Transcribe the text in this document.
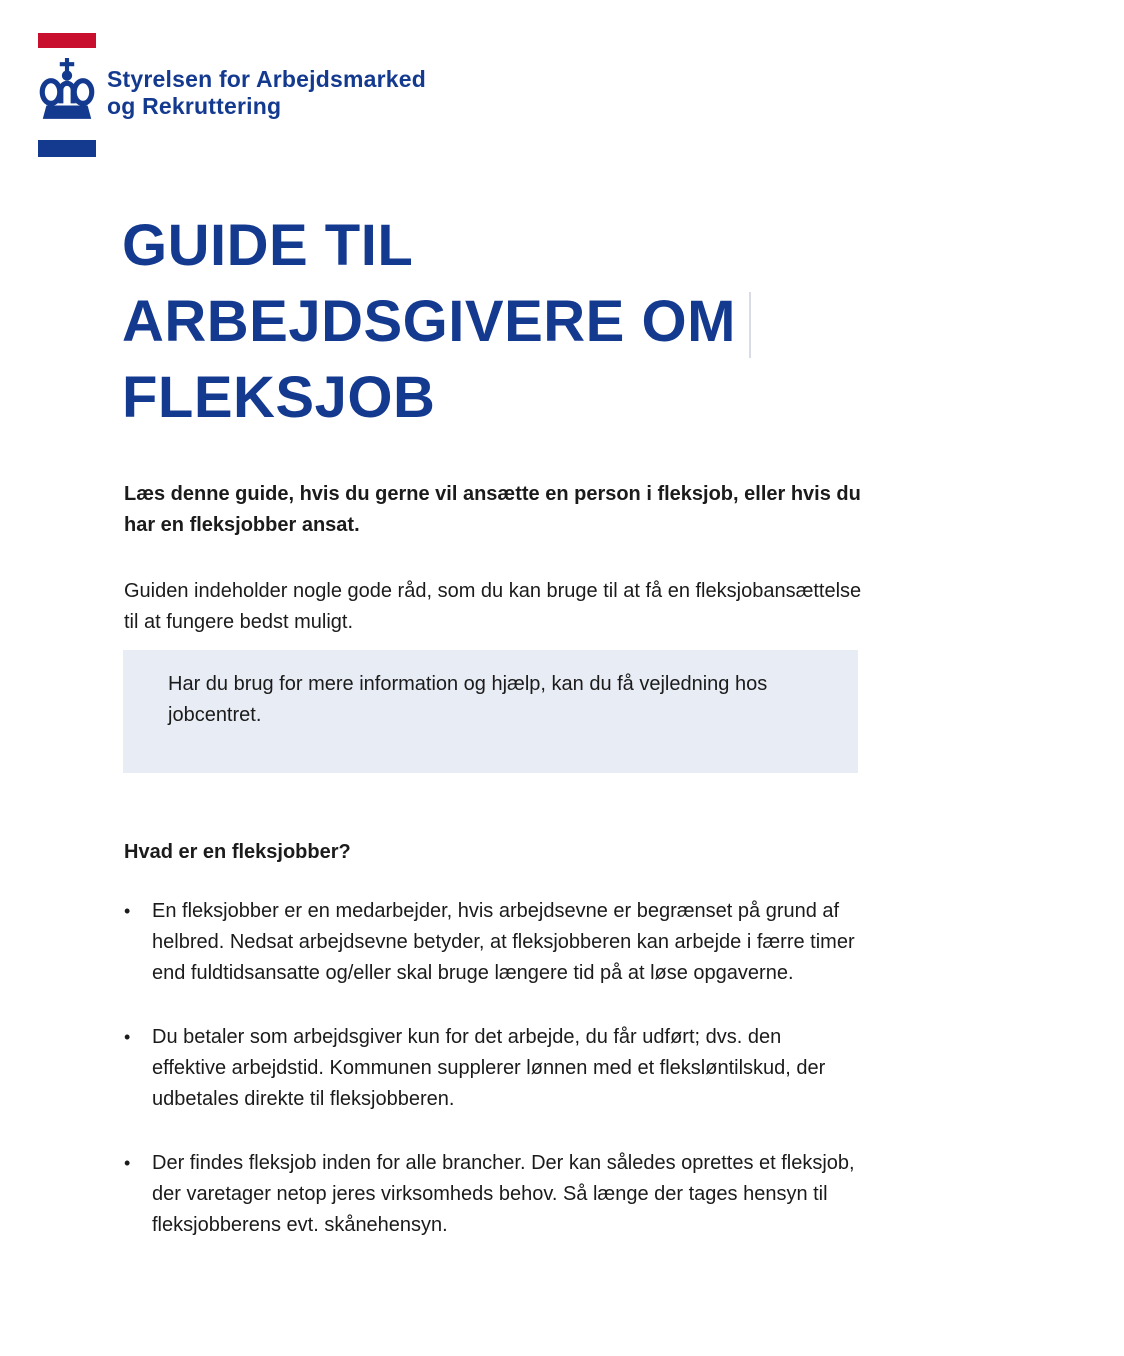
Styrelsen for Arbejdsmarked
og Rekruttering
GUIDE TIL
ARBEJDSGIVERE OM
FLEKSJOB

Læs denne guide, hvis du gerne vil ansætte en person i fleksjob, eller hvis du har en fleksjobber ansat.

Guiden indeholder nogle gode råd, som du kan bruge til at få en fleksjobansættelse til at fungere bedst muligt.

Har du brug for mere information og hjælp, kan du få vejledning hos jobcentret.
Hvad er en fleksjobber?
•	En fleksjobber er en medarbejder, hvis arbejdsevne er begrænset på grund af helbred. Nedsat arbejdsevne betyder, at fleksjobberen kan arbejde i færre timer end fuldtidsansatte og/eller skal bruge længere tid på at løse opgaverne.
•	Du betaler som arbejdsgiver kun for det arbejde, du får udført; dvs. den effektive arbejdstid. Kommunen supplerer lønnen med et fleksløntilskud, der udbetales direkte til fleksjobberen.
•	Der findes fleksjob inden for alle brancher. Der kan således oprettes et fleksjob, der varetager netop jeres virksomheds behov. Så længe der tages hensyn til fleksjobberens evt. skånehensyn.
